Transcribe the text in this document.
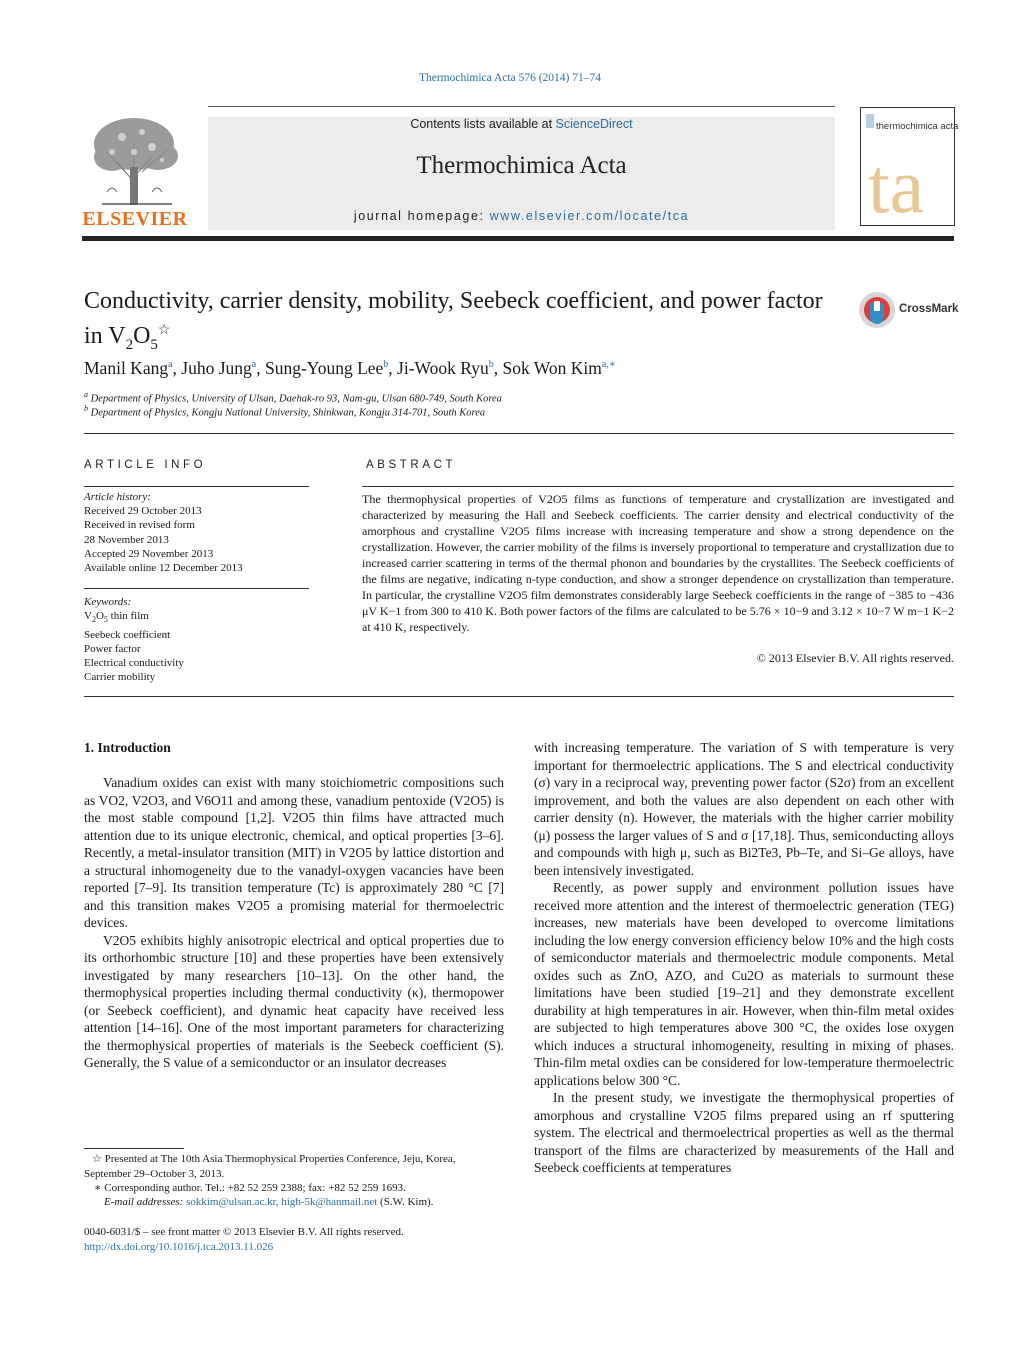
Thermochimica Acta 576 (2014) 71–74
ELSEVIER
Contents lists available at ScienceDirect
Thermochimica Acta
journal homepage: www.elsevier.com/locate/tca
thermochimica acta
ta
Conductivity, carrier density, mobility, Seebeck coefficient, and power factor in $V_2O_5^☆$
CrossMark
Manil Kang$^a$, Juho Jung$^a$, Sung-Young Lee$^b$, Ji-Wook Ryu$^b$, Sok Won Kim$^{a,∗}$
$^a$ Department of Physics, University of Ulsan, Daehak-ro 93, Nam-gu, Ulsan 680-749, South Korea
$^b$ Department of Physics, Kongju National University, Shinkwan, Kongju 314-701, South Korea
ARTICLE INFO
Article history:
Received 29 October 2013
Received in revised form
28 November 2013
Accepted 29 November 2013
Available online 12 December 2013
Keywords:
$V_2O_5$ thin film
Seebeck coefficient
Power factor
Electrical conductivity
Carrier mobility
ABSTRACT
The thermophysical properties of V2O5 films as functions of temperature and crystallization are investigated and characterized by measuring the Hall and Seebeck coefficients. The carrier density and electrical conductivity of the amorphous and crystalline V2O5 films increase with increasing temperature and show a strong dependence on the crystallization. However, the carrier mobility of the films is inversely proportional to temperature and crystallization due to increased carrier scattering in terms of the thermal phonon and boundaries by the crystallites. The Seebeck coefficients of the films are negative, indicating n-type conduction, and show a stronger dependence on crystallization than temperature. In particular, the crystalline V2O5 film demonstrates considerably large Seebeck coefficients in the range of −385 to −436 μV K−1 from 300 to 410 K. Both power factors of the films are calculated to be 5.76 × 10−9 and 3.12 × 10−7 W m−1 K−2 at 410 K, respectively.
© 2013 Elsevier B.V. All rights reserved.
1. Introduction

Vanadium oxides can exist with many stoichiometric compositions such as VO2, V2O3, and V6O11 and among these, vanadium pentoxide (V2O5) is the most stable compound [1,2]. V2O5 thin films have attracted much attention due to its unique electronic, chemical, and optical properties [3–6]. Recently, a metal-insulator transition (MIT) in V2O5 by lattice distortion and a structural inhomogeneity due to the vanadyl-oxygen vacancies have been reported [7–9]. Its transition temperature (Tc) is approximately 280 °C [7] and this transition makes V2O5 a promising material for thermoelectric devices.

V2O5 exhibits highly anisotropic electrical and optical properties due to its orthorhombic structure [10] and these properties have been extensively investigated by many researchers [10–13]. On the other hand, the thermophysical properties including thermal conductivity (κ), thermopower (or Seebeck coefficient), and dynamic heat capacity have received less attention [14–16]. One of the most important parameters for characterizing the thermophysical properties of materials is the Seebeck coefficient (S). Generally, the S value of a semiconductor or an insulator decreases

with increasing temperature. The variation of S with temperature is very important for thermoelectric applications. The S and electrical conductivity (σ) vary in a reciprocal way, preventing power factor (S2σ) from an excellent improvement, and both the values are also dependent on each other with carrier density (n). However, the materials with the higher carrier mobility (μ) possess the larger values of S and σ [17,18]. Thus, semiconducting alloys and compounds with high μ, such as Bi2Te3, Pb–Te, and Si–Ge alloys, have been intensively investigated.

Recently, as power supply and environment pollution issues have received more attention and the interest of thermoelectric generation (TEG) increases, new materials have been developed to overcome limitations including the low energy conversion efficiency below 10% and the high costs of semiconductor materials and thermoelectric module components. Metal oxides such as ZnO, AZO, and Cu2O as materials to surmount these limitations have been studied [19–21] and they demonstrate excellent durability at high temperatures in air. However, when thin-film metal oxides are subjected to high temperatures above 300 °C, the oxides lose oxygen which induces a structural inhomogeneity, resulting in mixing of phases. Thin-film metal oxdies can be considered for low-temperature thermoelectric applications below 300 °C.

In the present study, we investigate the thermophysical properties of amorphous and crystalline V2O5 films prepared using an rf sputtering system. The electrical and thermoelectrical properties as well as the thermal transport of the films are characterized by measurements of the Hall and Seebeck coefficients at temperatures

☆ Presented at The 10th Asia Thermophysical Properties Conference, Jeju, Korea, September 29–October 3, 2013.
∗ Corresponding author. Tel.: +82 52 259 2388; fax: +82 52 259 1693.
E-mail addresses: sokkim@ulsan.ac.kr, high-5k@hanmail.net (S.W. Kim).
0040-6031/$ – see front matter © 2013 Elsevier B.V. All rights reserved.
http://dx.doi.org/10.1016/j.tca.2013.11.026
